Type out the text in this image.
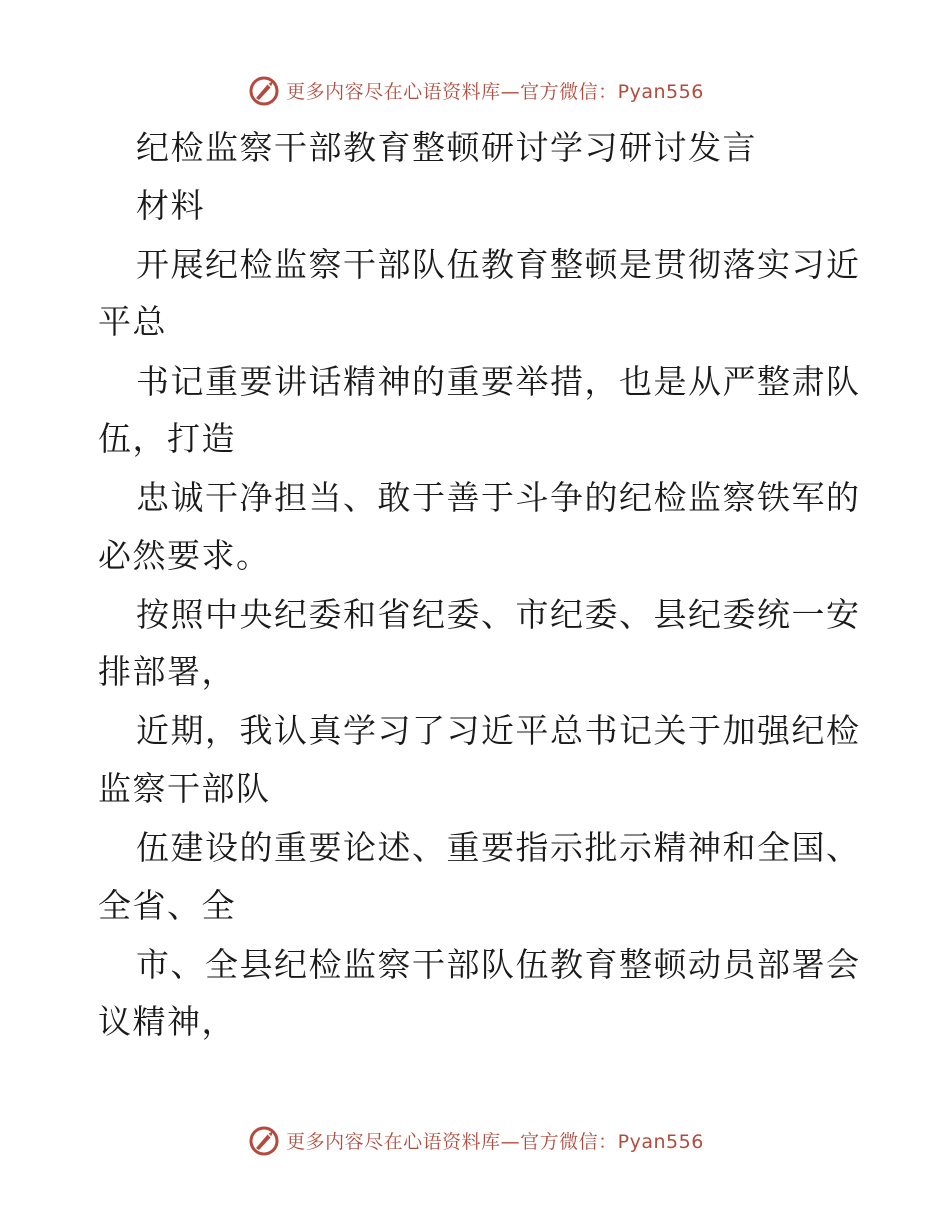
更多内容尽在心语资料库—官方微信：Pyan556
纪检监察干部教育整顿研讨学习研讨发言
材料
开展纪检监察干部队伍教育整顿是贯彻落实习近
平总
书记重要讲话精神的重要举措，也是从严整肃队
伍，打造
忠诚干净担当、敢于善于斗争的纪检监察铁军的
必然要求。
按照中央纪委和省纪委、市纪委、县纪委统一安
排部署，
近期，我认真学习了习近平总书记关于加强纪检
监察干部队
伍建设的重要论述、重要指示批示精神和全国、
全省、全
市、全县纪检监察干部队伍教育整顿动员部署会
议精神，
更多内容尽在心语资料库—官方微信：Pyan556
